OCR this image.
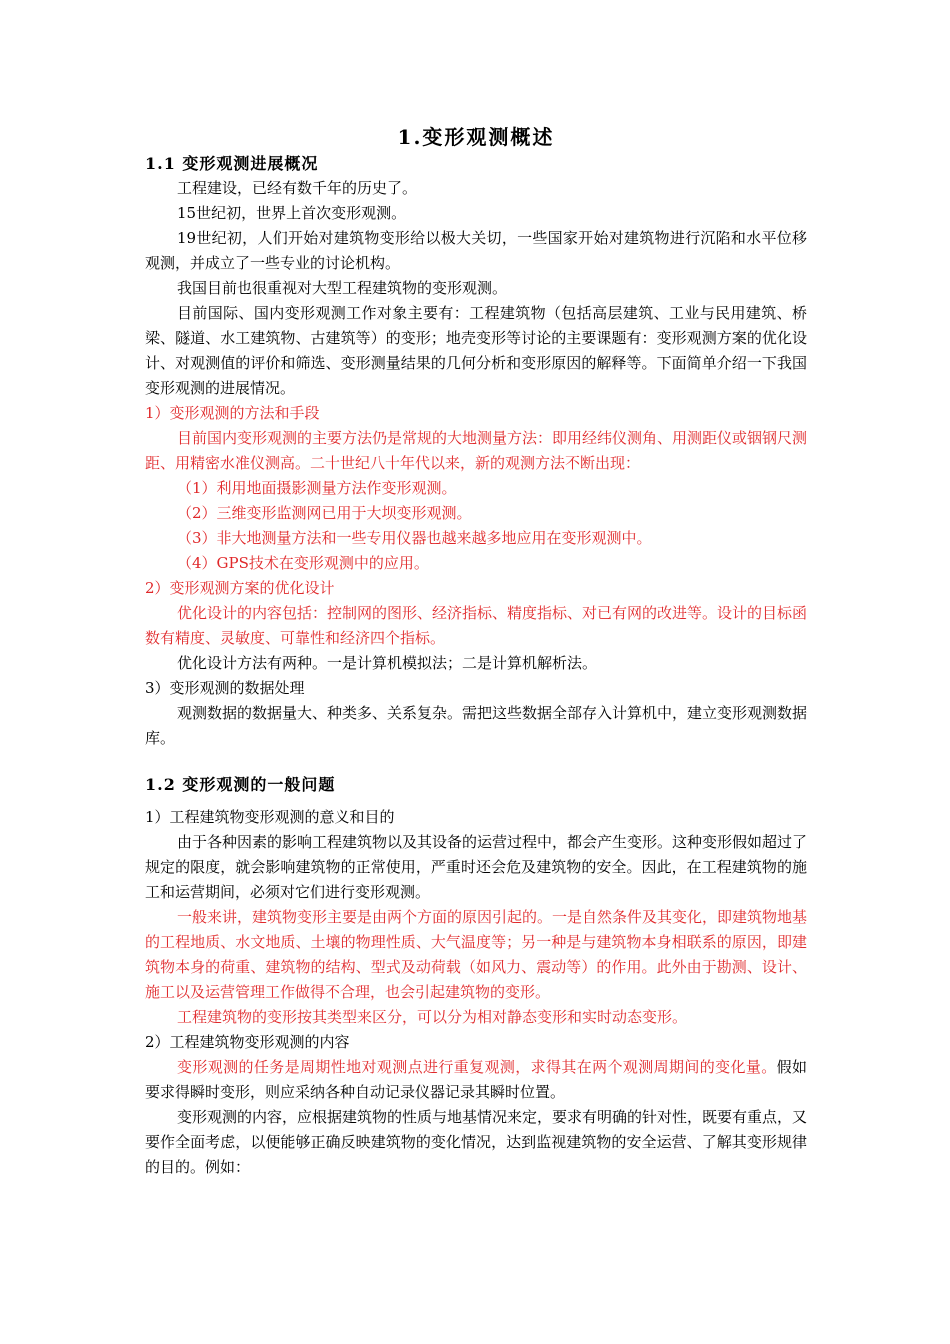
1.变形观测概述
1.1 变形观测进展概况

工程建设，已经有数千年的历史了。

15世纪初，世界上首次变形观测。

19世纪初，人们开始对建筑物变形给以极大关切，一些国家开始对建筑物进行沉陷和水平位移观测，并成立了一些专业的讨论机构。

我国目前也很重视对大型工程建筑物的变形观测。

目前国际、国内变形观测工作对象主要有：工程建筑物（包括高层建筑、工业与民用建筑、桥梁、隧道、水工建筑物、古建筑等）的变形；地壳变形等讨论的主要课题有：变形观测方案的优化设计、对观测值的评价和筛选、变形测量结果的几何分析和变形原因的解释等。下面简单介绍一下我国变形观测的进展情况。

1）变形观测的方法和手段

目前国内变形观测的主要方法仍是常规的大地测量方法：即用经纬仪测角、用测距仪或铟钢尺测距、用精密水准仪测高。二十世纪八十年代以来，新的观测方法不断出现：

（1）利用地面摄影测量方法作变形观测。

（2）三维变形监测网已用于大坝变形观测。

（3）非大地测量方法和一些专用仪器也越来越多地应用在变形观测中。

（4）GPS技术在变形观测中的应用。

2）变形观测方案的优化设计

优化设计的内容包括：控制网的图形、经济指标、精度指标、对已有网的改进等。设计的目标函数有精度、灵敏度、可靠性和经济四个指标。

优化设计方法有两种。一是计算机模拟法；二是计算机解析法。

3）变形观测的数据处理

观测数据的数据量大、种类多、关系复杂。需把这些数据全部存入计算机中，建立变形观测数据库。

1.2 变形观测的一般问题

1）工程建筑物变形观测的意义和目的

由于各种因素的影响工程建筑物以及其设备的运营过程中，都会产生变形。这种变形假如超过了规定的限度，就会影响建筑物的正常使用，严重时还会危及建筑物的安全。因此，在工程建筑物的施工和运营期间，必须对它们进行变形观测。

一般来讲，建筑物变形主要是由两个方面的原因引起的。一是自然条件及其变化，即建筑物地基的工程地质、水文地质、土壤的物理性质、大气温度等；另一种是与建筑物本身相联系的原因，即建筑物本身的荷重、建筑物的结构、型式及动荷载（如风力、震动等）的作用。此外由于勘测、设计、施工以及运营管理工作做得不合理，也会引起建筑物的变形。

工程建筑物的变形按其类型来区分，可以分为相对静态变形和实时动态变形。

2）工程建筑物变形观测的内容

变形观测的任务是周期性地对观测点进行重复观测，求得其在两个观测周期间的变化量。假如要求得瞬时变形，则应采纳各种自动记录仪器记录其瞬时位置。

变形观测的内容，应根据建筑物的性质与地基情况来定，要求有明确的针对性，既要有重点，又要作全面考虑，以便能够正确反映建筑物的变化情况，达到监视建筑物的安全运营、了解其变形规律的目的。例如：
